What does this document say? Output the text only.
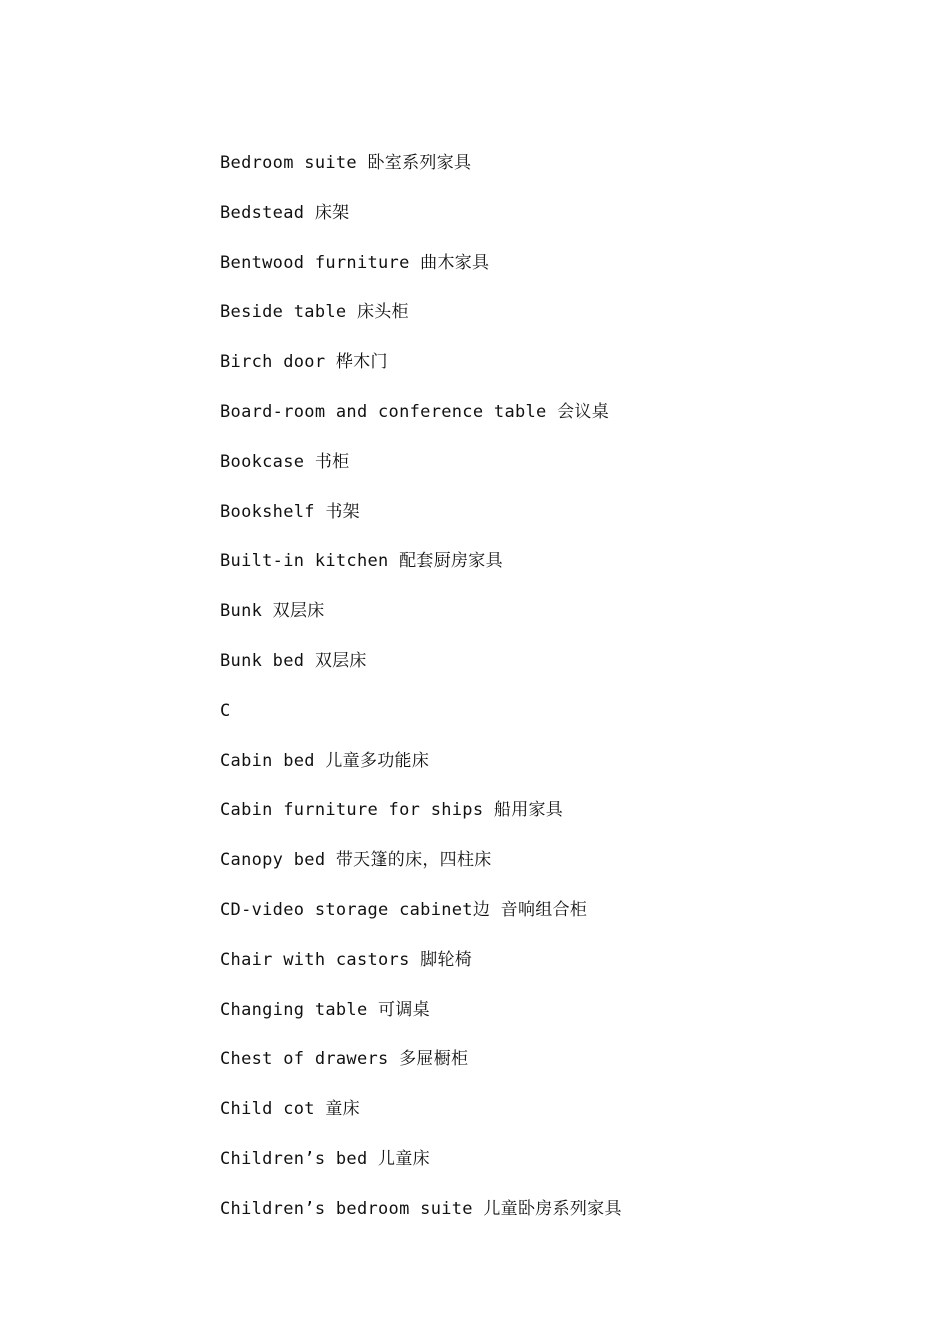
Bedroom suite 卧室系列家具
Bedstead 床架
Bentwood furniture 曲木家具
Beside table 床头柜
Birch door 桦木门
Board-room and conference table 会议桌
Bookcase 书柜
Bookshelf 书架
Built-in kitchen 配套厨房家具
Bunk 双层床
Bunk bed 双层床
C
Cabin bed 儿童多功能床
Cabin furniture for ships 船用家具
Canopy bed 带天篷的床，四柱床
CD-video storage cabinet边 音响组合柜
Chair with castors 脚轮椅
Changing table 可调桌
Chest of drawers 多屉橱柜
Child cot 童床
Children’s bed 儿童床
Children’s bedroom suite 儿童卧房系列家具
